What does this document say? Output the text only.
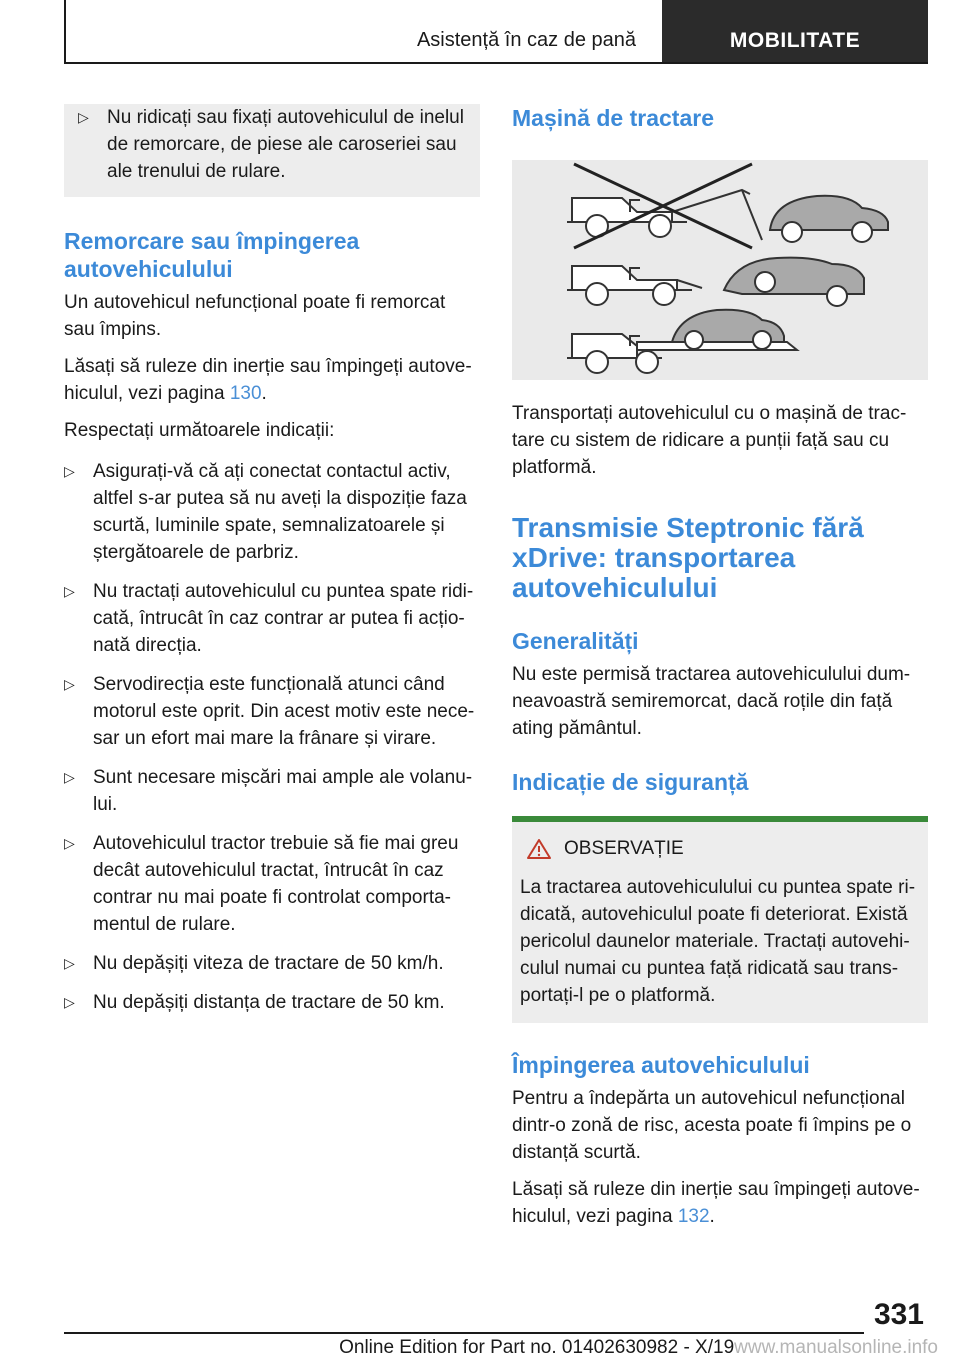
Asistență în caz de pană	MOBILITATE
▷ Nu ridicați sau fixați autovehiculul de inelul de remorcare, de piese ale caroseriei sau ale trenului de rulare.
Remorcare sau împingerea autovehiculului

Un autovehicul nefuncțional poate fi remorcat sau împins.

Lăsați să ruleze din inerție sau împingeți autove-hiculul, vezi pagina 130.

Respectați următoarele indicații:

▷ Asigurați-vă că ați conectat contactul activ, altfel s-ar putea să nu aveți la dispoziție faza scurtă, luminile spate, semnalizatoarele și ștergătoarele de parbriz.
▷ Nu tractați autovehiculul cu puntea spate ridi-cată, întrucât în caz contrar ar putea fi acțio-nată direcția.
▷ Servodirecția este funcțională atunci când motorul este oprit. Din acest motiv este nece-sar un efort mai mare la frânare și virare.
▷ Sunt necesare mișcări mai ample ale volanu-lui.
▷ Autovehiculul tractor trebuie să fie mai greu decât autovehiculul tractat, întrucât în caz contrar nu mai poate fi controlat comporta-mentul de rulare.
▷ Nu depășiți viteza de tractare de 50 km/h.
▷ Nu depășiți distanța de tractare de 50 km.
Mașină de tractare

Transportați autovehiculul cu o mașină de trac-tare cu sistem de ridicare a punții față sau cu platformă.

Transmisie Steptronic fără xDrive: transportarea autovehiculului
Generalități

Nu este permisă tractarea autovehiculului dum-neavoastră semiremorcat, dacă roțile din față ating pământul.

Indicație de siguranță
OBSERVAȚIE

La tractarea autovehiculului cu puntea spate ri-dicată, autovehiculul poate fi deteriorat. Există pericolul daunelor materiale. Tractați autovehi-culul numai cu puntea față ridicată sau trans-portați-l pe o platformă.

Împingerea autovehiculului

Pentru a îndepărta un autovehicul nefuncțional dintr-o zonă de risc, acesta poate fi împins pe o distanță scurtă.

Lăsați să ruleze din inerție sau împingeți autove-hiculul, vezi pagina 132.

331
Online Edition for Part no. 01402630982 - X/19www.manualsonline.info
